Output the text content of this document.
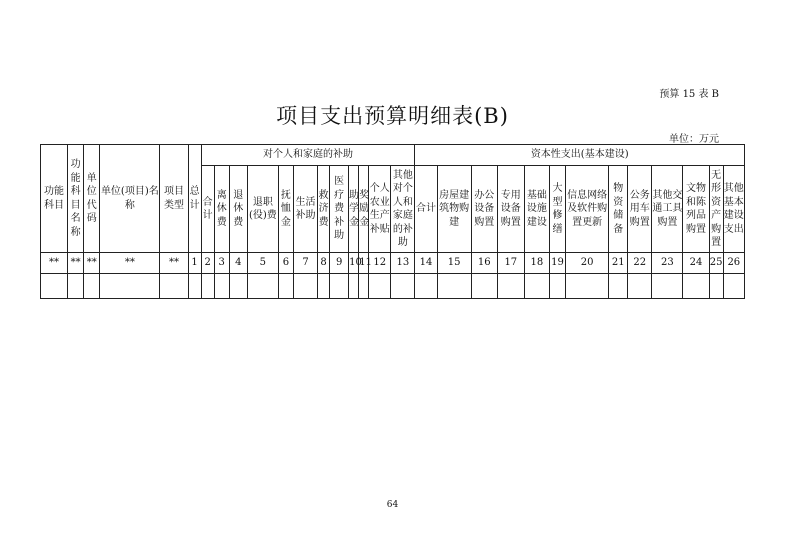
预算 15 表 B
项目支出预算明细表(B)
单位：万元
功能科目	功能科目名称	单位代码	单位(项目)名称	项目类型	总计	对个人和家庭的补助												资本性支出(基本建设)												
						合计	离休费	退休费	退职(役)费	抚恤金	生活补助	救济费	医疗费补助	助学金	奖励金	个人农业生产补贴	其他对个人和家庭的补助	合计	房屋建筑物购建	办公设备购置	专用设备购置	基础设施建设	大型修缮	信息网络及软件购置更新	物资储备	公务用车购置	其他交通工具购置	文物和陈列品购置	无形资产购置	其他基本建设支出
**	**	**	**	**	1	2	3	4	5	6	7	8	9	10	11	12	13	14	15	16	17	18	19	20	21	22	23	24	25	26

64
